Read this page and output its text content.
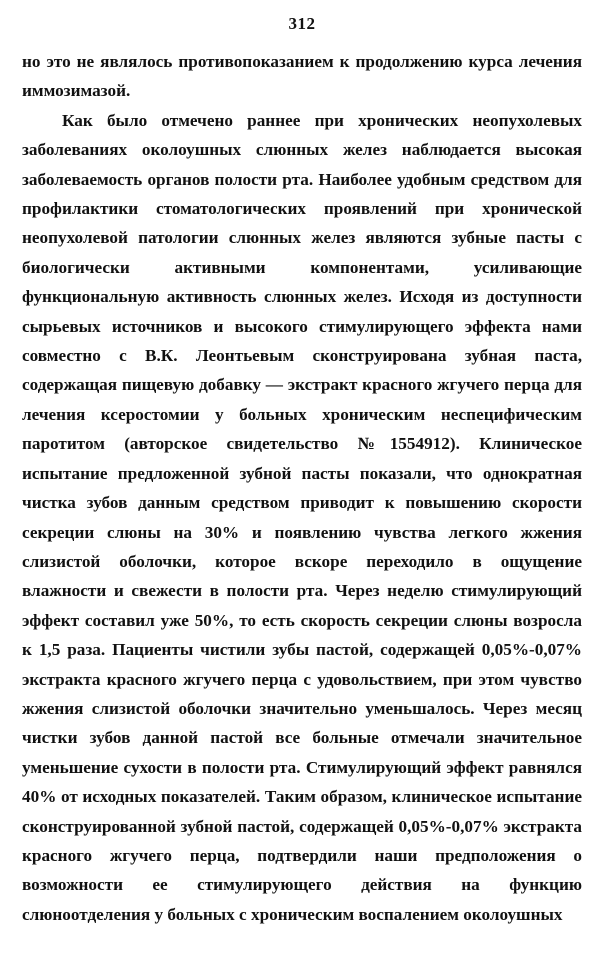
312

но это не являлось противопоказанием к продолжению курса лечения иммозимазой.

Как было отмечено раннее при хронических неопухолевых заболеваниях околоушных слюнных желез наблюдается высокая заболеваемость органов полости рта. Наиболее удобным средством для профилактики стоматологических проявлений при хронической неопухолевой патологии слюнных желез являются зубные пасты с биологически активными компонентами, усиливающие функциональную активность слюнных желез. Исходя из доступности сырьевых источников и высокого стимулирующего эффекта нами совместно с В.К. Леонтьевым сконструирована зубная паста, содержащая пищевую добавку — экстракт красного жгучего перца для лечения ксеростомии у больных хроническим неспецифическим паротитом (авторское свидетельство №1554912). Клиническое испытание предложенной зубной пасты показали, что однократная чистка зубов данным средством приводит к повышению скорости секреции слюны на 30% и появлению чувства легкого жжения слизистой оболочки, которое вскоре переходило в ощущение влажности и свежести в полости рта. Через неделю стимулирующий эффект составил уже 50%, то есть скорость секреции слюны возросла к 1,5 раза. Пациенты чистили зубы пастой, содержащей 0,05%-0,07% экстракта красного жгучего перца с удовольствием, при этом чувство жжения слизистой оболочки значительно уменьшалось. Через месяц чистки зубов данной пастой все больные отмечали значительное уменьшение сухости в полости рта. Стимулирующий эффект равнялся 40% от исходных показателей. Таким образом, клиническое испытание сконструированной зубной пастой, содержащей 0,05%-0,07% экстракта красного жгучего перца, подтвердили наши предположения о возможности ее стимулирующего действия на функцию слюноотделения у больных с хроническим воспалением околоушных
